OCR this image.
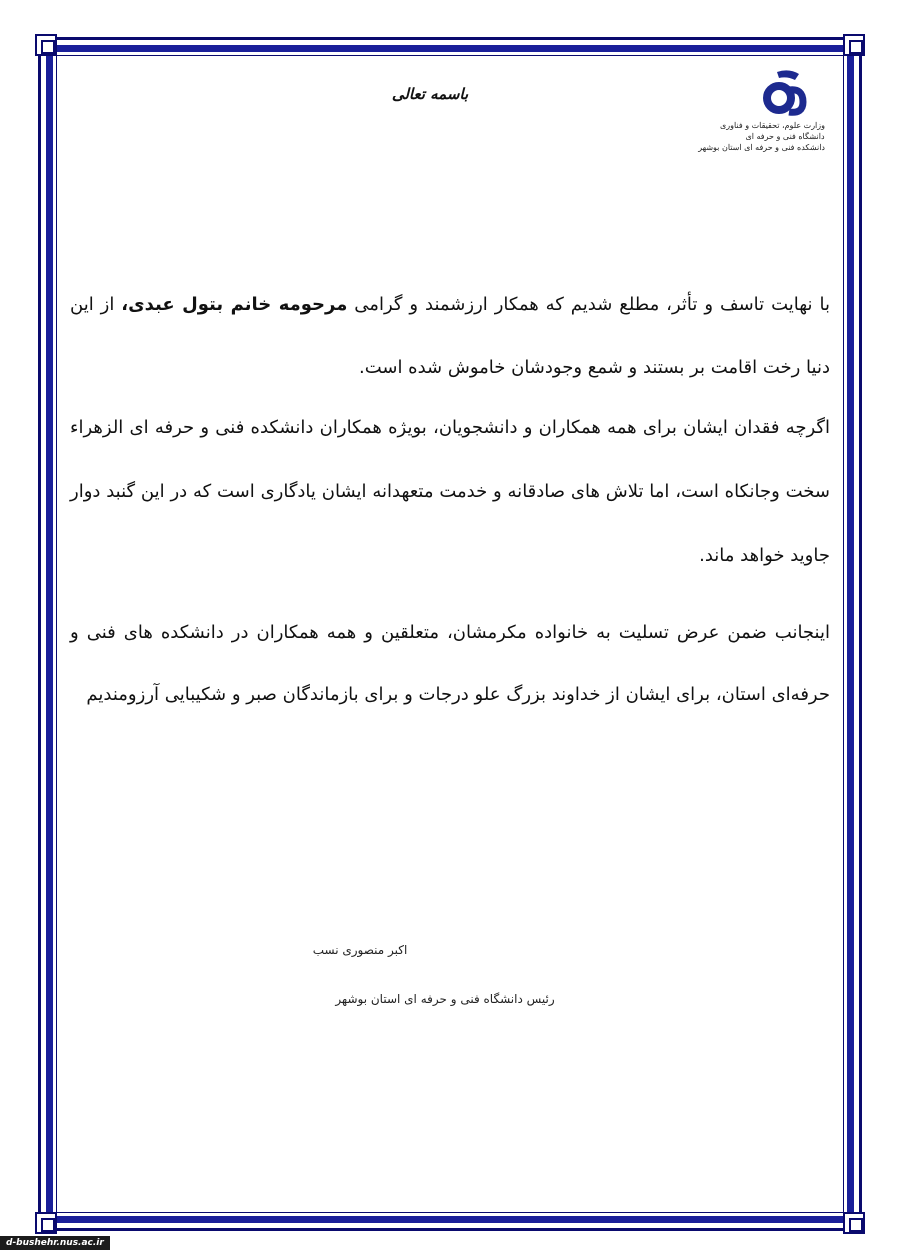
وزارت علوم، تحقیقات و فناوری
دانشگاه فنی و حرفه ای
دانشکده فنی و حرفه ای استان بوشهر
باسمه تعالی
با نهایت تاسف و تأثر، مطلع شدیم که همکار ارزشمند و گرامی مرحومه خانم بتول عبدی، از این دنیا رخت اقامت بر بستند و شمع وجودشان خاموش شده است.
اگرچه فقدان ایشان برای همه همکاران و دانشجویان، بویژه همکاران دانشکده فنی و حرفه ای الزهراء سخت وجانکاه است، اما تلاش های صادقانه و خدمت متعهدانه ایشان یادگاری است که در این گنبد دوار جاوید خواهد ماند.
اینجانب ضمن عرض تسلیت به خانواده مکرمشان، متعلقین و همه همکاران در دانشکده های فنی و حرفه‌ای استان، برای ایشان از خداوند بزرگ علو درجات و برای بازماندگان صبر و شکیبایی آرزومندیم
اکبر منصوری نسب
رئیس دانشگاه فنی و حرفه ای استان بوشهر
d-bushehr.nus.ac.ir
